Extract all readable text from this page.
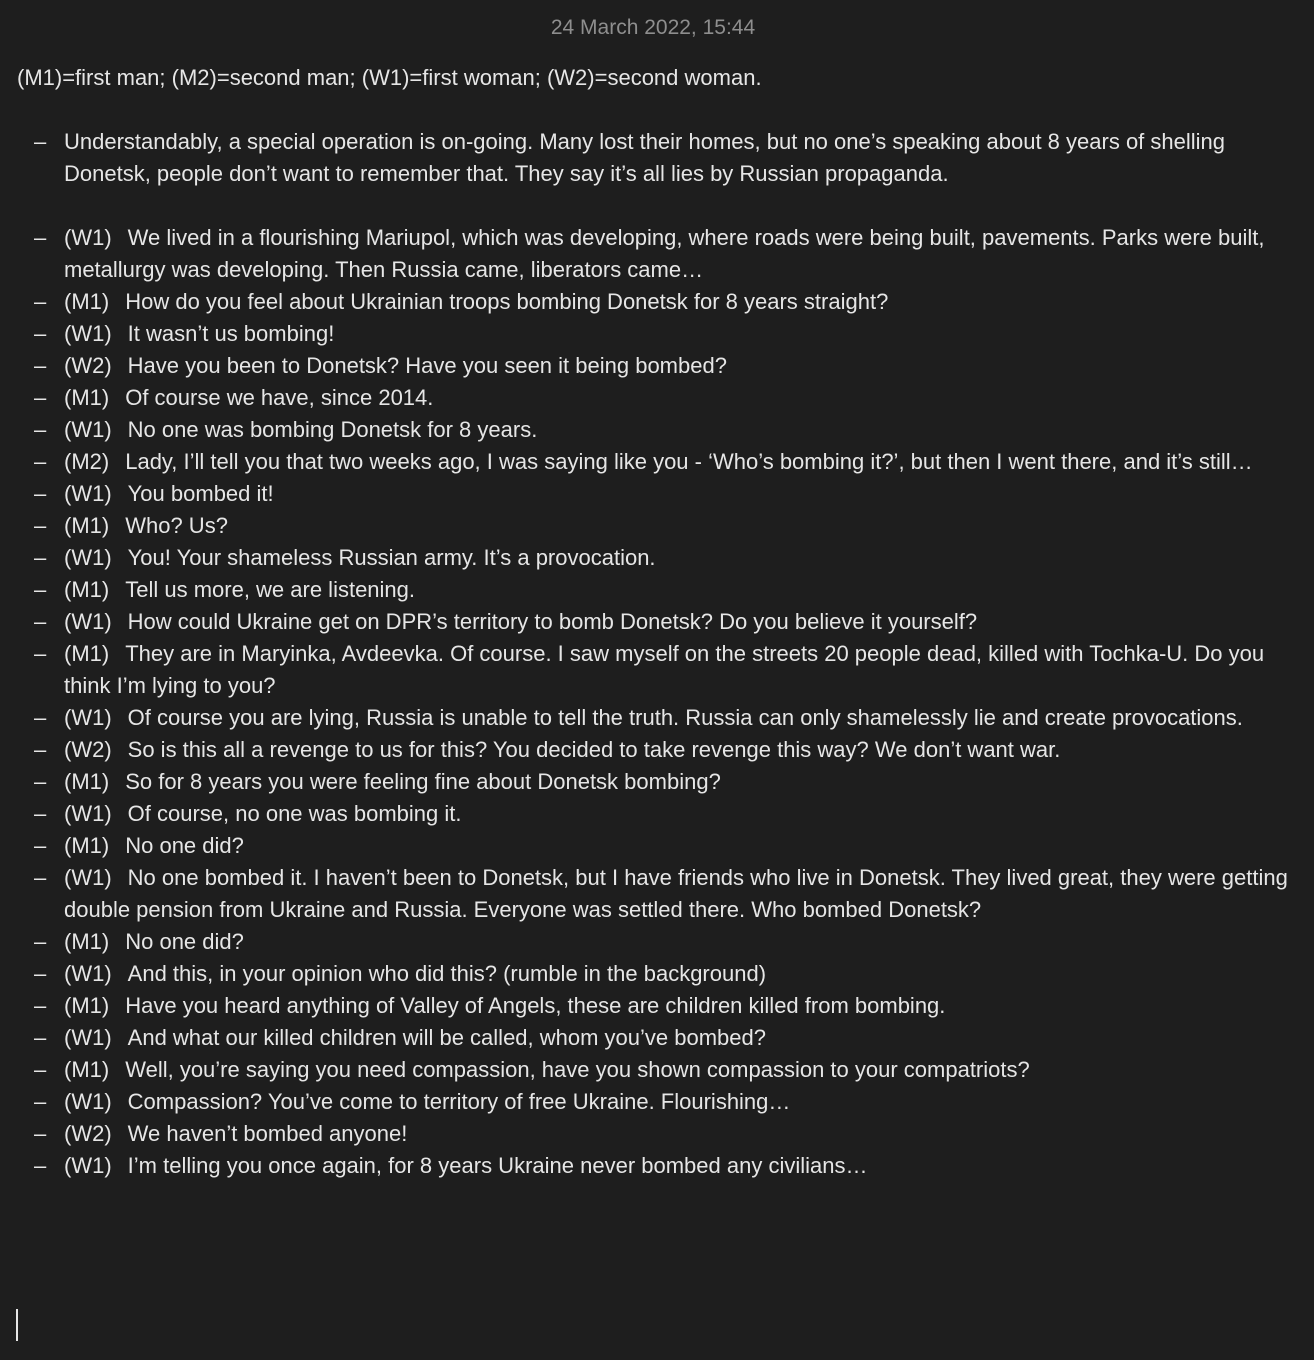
24 March 2022, 15:44
(M1)=first man; (M2)=second man; (W1)=first woman; (W2)=second woman.
– Understandably, a special operation is on-going. Many lost their homes, but no one’s speaking about 8 years of shelling Donetsk, people don’t want to remember that. They say it’s all lies by Russian propaganda.
– (W1) We lived in a flourishing Mariupol, which was developing, where roads were being built, pavements. Parks were built, metallurgy was developing. Then Russia came, liberators came…
– (M1) How do you feel about Ukrainian troops bombing Donetsk for 8 years straight?
– (W1) It wasn’t us bombing!
– (W2) Have you been to Donetsk? Have you seen it being bombed?
– (M1) Of course we have, since 2014.
– (W1) No one was bombing Donetsk for 8 years.
– (M2) Lady, I’ll tell you that two weeks ago, I was saying like you - ‘Who’s bombing it?’, but then I went there, and it’s still…
– (W1) You bombed it!
– (M1) Who? Us?
– (W1) You! Your shameless Russian army. It’s a provocation.
– (M1) Tell us more, we are listening.
– (W1) How could Ukraine get on DPR’s territory to bomb Donetsk? Do you believe it yourself?
– (M1) They are in Maryinka, Avdeevka. Of course. I saw myself on the streets 20 people dead, killed with Tochka-U. Do you think I’m lying to you?
– (W1) Of course you are lying, Russia is unable to tell the truth. Russia can only shamelessly lie and create provocations.
– (W2) So is this all a revenge to us for this? You decided to take revenge this way? We don’t want war.
– (M1) So for 8 years you were feeling fine about Donetsk bombing?
– (W1) Of course, no one was bombing it.
– (M1) No one did?
– (W1) No one bombed it. I haven’t been to Donetsk, but I have friends who live in Donetsk. They lived great, they were getting double pension from Ukraine and Russia. Everyone was settled there. Who bombed Donetsk?
– (M1) No one did?
– (W1) And this, in your opinion who did this? (rumble in the background)
– (M1) Have you heard anything of Valley of Angels, these are children killed from bombing.
– (W1) And what our killed children will be called, whom you’ve bombed?
– (M1) Well, you’re saying you need compassion, have you shown compassion to your compatriots?
– (W1) Compassion? You’ve come to territory of free Ukraine. Flourishing…
– (W2) We haven’t bombed anyone!
– (W1) I’m telling you once again, for 8 years Ukraine never bombed any civilians…
